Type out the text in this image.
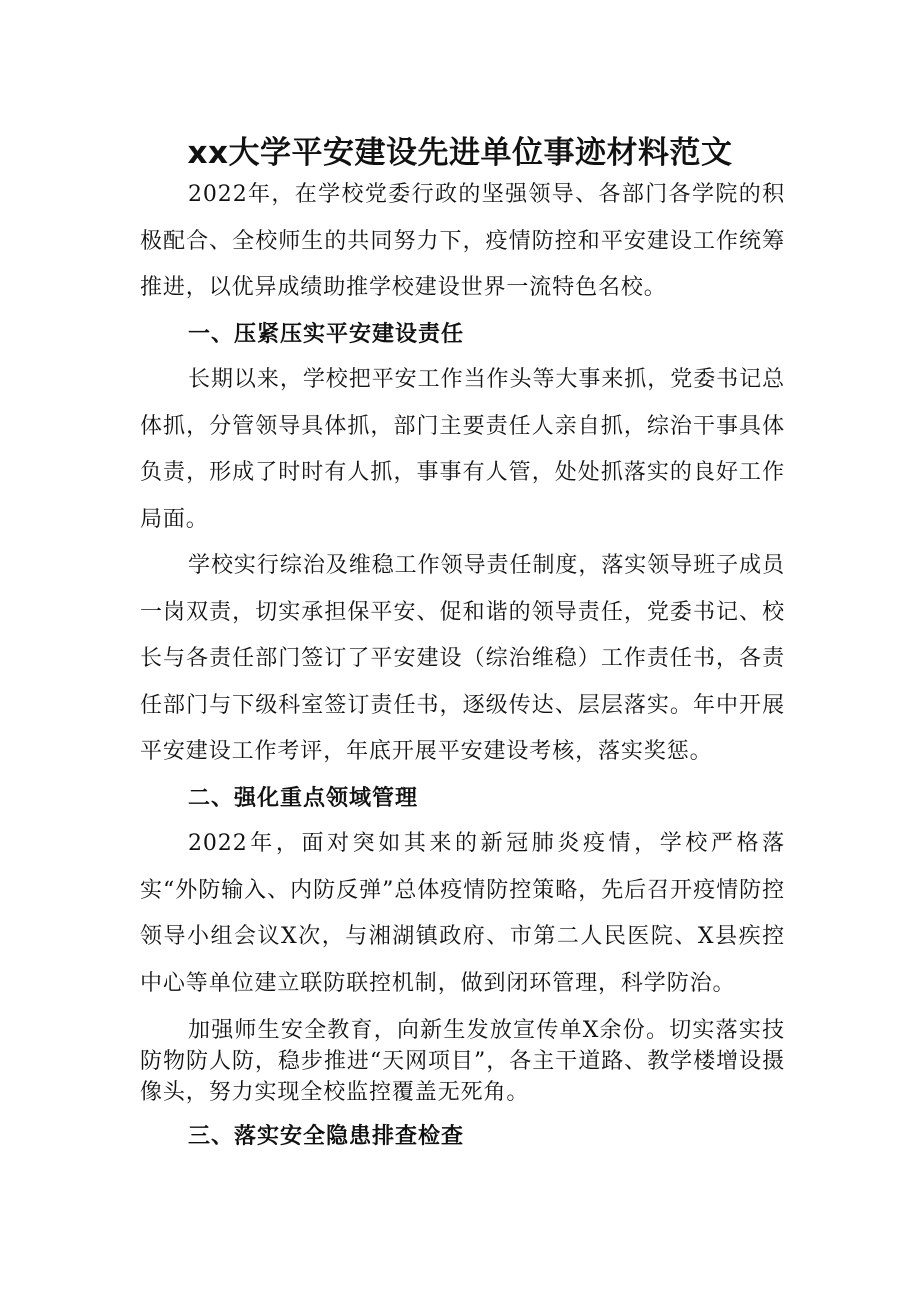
xx大学平安建设先进单位事迹材料范文

2022年，在学校党委行政的坚强领导、各部门各学院的积极配合、全校师生的共同努力下，疫情防控和平安建设工作统筹推进，以优异成绩助推学校建设世界一流特色名校。

一、压紧压实平安建设责任

长期以来，学校把平安工作当作头等大事来抓，党委书记总体抓，分管领导具体抓，部门主要责任人亲自抓，综治干事具体负责，形成了时时有人抓，事事有人管，处处抓落实的良好工作局面。

学校实行综治及维稳工作领导责任制度，落实领导班子成员一岗双责，切实承担保平安、促和谐的领导责任，党委书记、校长与各责任部门签订了平安建设（综治维稳）工作责任书，各责任部门与下级科室签订责任书，逐级传达、层层落实。年中开展平安建设工作考评，年底开展平安建设考核，落实奖惩。

二、强化重点领域管理

2022年，面对突如其来的新冠肺炎疫情，学校严格落实“外防输入、内防反弹”总体疫情防控策略，先后召开疫情防控领导小组会议X次，与湘湖镇政府、市第二人民医院、X县疾控中心等单位建立联防联控机制，做到闭环管理，科学防治。

加强师生安全教育，向新生发放宣传单X余份。切实落实技防物防人防，稳步推进“天网项目”，各主干道路、教学楼增设摄像头，努力实现全校监控覆盖无死角。

三、落实安全隐患排查检查
